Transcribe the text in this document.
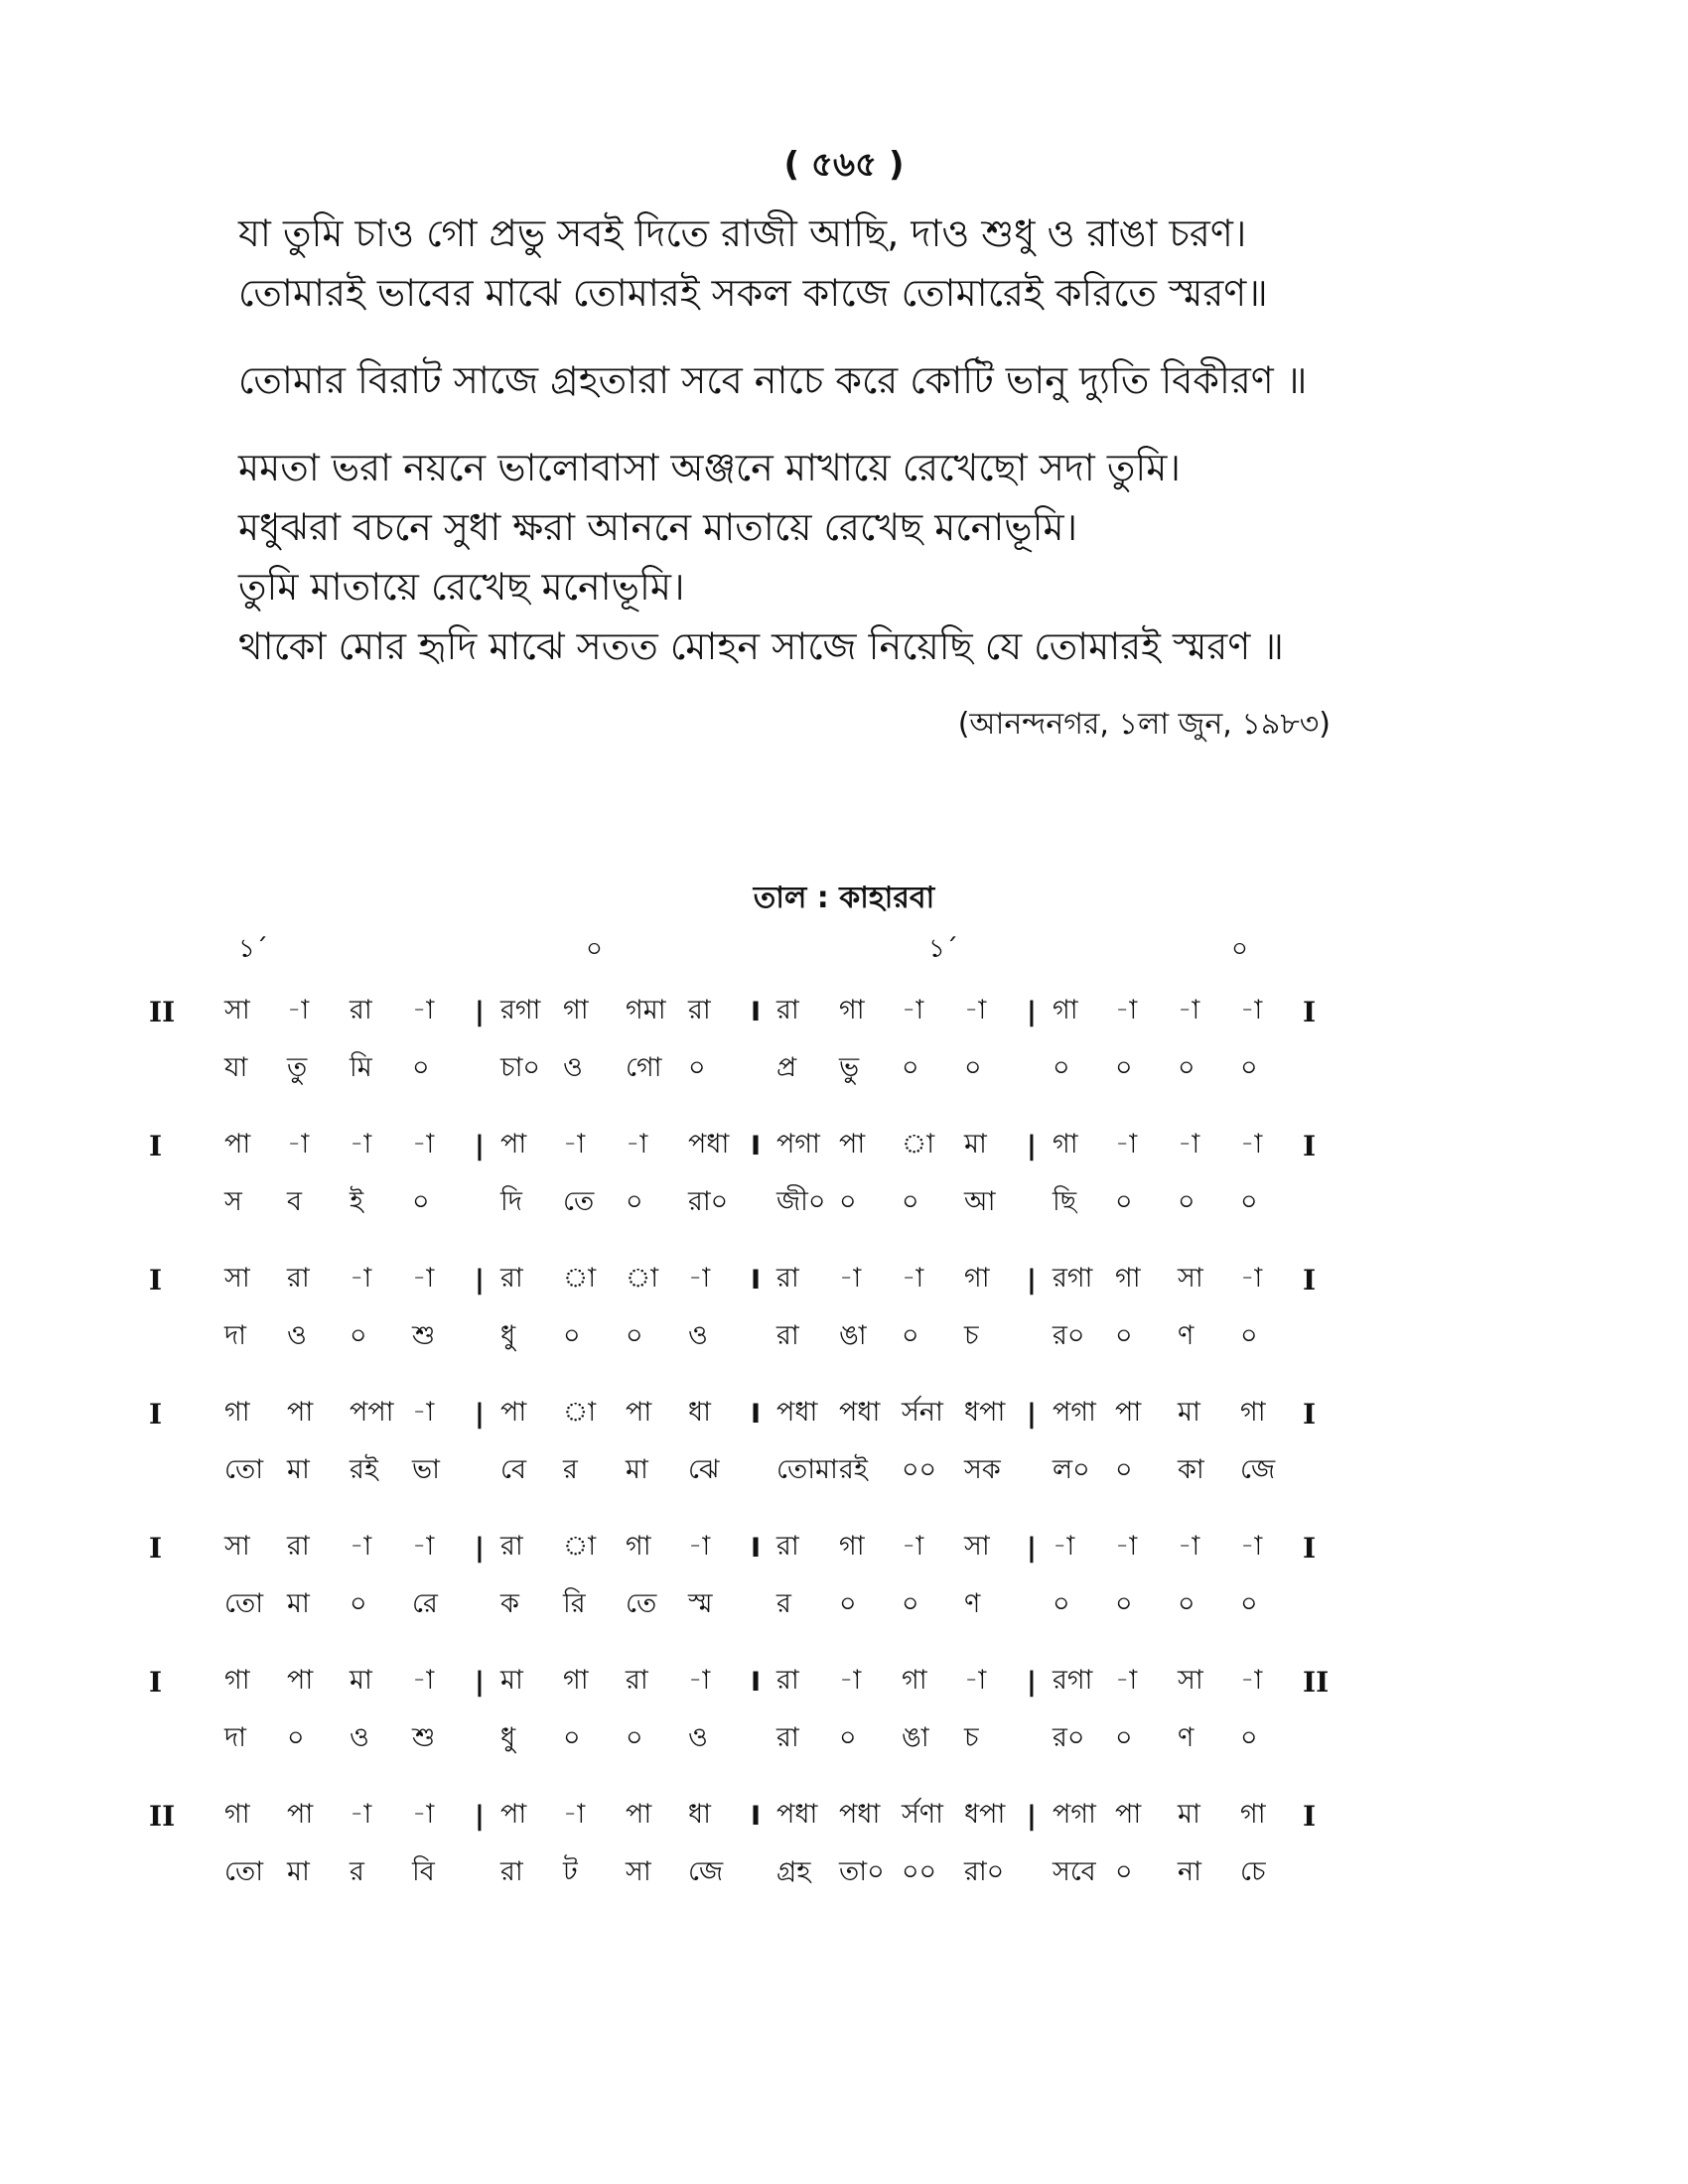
( ৫৬৫ )
যা তুমি চাও গো প্রভু সবই দিতে রাজী আছি, দাও শুধু ও রাঙা চরণ।
তোমারই ভাবের মাঝে তোমারই সকল কাজে তোমারেই করিতে স্মরণ॥
তোমার বিরাট সাজে গ্রহতারা সবে নাচে করে কোটি ভানু দ্যুতি বিকীরণ ॥
মমতা ভরা নয়নে ভালোবাসা অঞ্জনে মাখায়ে রেখেছো সদা তুমি।
মধুঝরা বচনে সুধা ক্ষরা আননে মাতায়ে রেখেছ মনোভূমি।
তুমি মাতায়ে রেখেছ মনোভূমি।
থাকো মোর হৃদি মাঝে সতত মোহন সাজে নিয়েছি যে তোমারই স্মরণ ॥
(আনন্দনগর, ১লা জুন, ১৯৮৩)
তাল : কাহারবা
১´	০	১´	০
II	সা	-া	রা	-া	| রগা গা	গমা রা	I রা	গা	-া	-া	| গা	-া	-া	-া	I
যা	তু	মি	০	চা০ ও	গো ০	প্র	ভু	০	০	০	০	০	০
I	পা	-া	-া	-া	| পা	-া	-া	পধা I পগা পা	া	মা	| গা	-া	-া	-া	I
স	ব	ই	০	দি	তে	০	রা০	জী০ ০	০	আ	ছি	০	০	০
I	সা	রা	-া	-া	| রা	া	া	-া	I রা	-া	-া	গা	| রগা গা	সা	-া	I
দা	ও	০	শু	ধু	০	০	ও	রা	ঙা	০	চ	র০	০	ণ	০
I	গা	পা	পপা -া	| পা	া	পা	ধা	I পধা পধা র্সনা ধপা | পগা পা	মা	গা	I
তো মা	রই	ভা	বে	র	মা	ঝে	তোমা রই	০০	সক	ল০ ০	কা	জে
I	সা	রা	-া	-া	| রা	া	গা	-া	I রা	গা	-া	সা	| -া	-া	-া	-া	I
তো মা	০	রে	ক	রি	তে	স্ম	র	০	০	ণ	০	০	০	০
I	গা	পা	মা	-া	| মা	গা	রা	-া	I রা	-া	গা	-া	| রগা -া	সা	-া	II
দা	০	ও	শু	ধু	০	০	ও	রা	০	ঙা	চ	র০	০	ণ	০
II	গা	পা	-া	-া	| পা	-া	পা	ধা	I পধা পধা র্সণা ধপা | পগা পা	মা	গা	I
তো মা	র	বি	রা	ট	সা	জে	গ্রহ	তা০ ০০	রা০	সবে ০	না	চে
